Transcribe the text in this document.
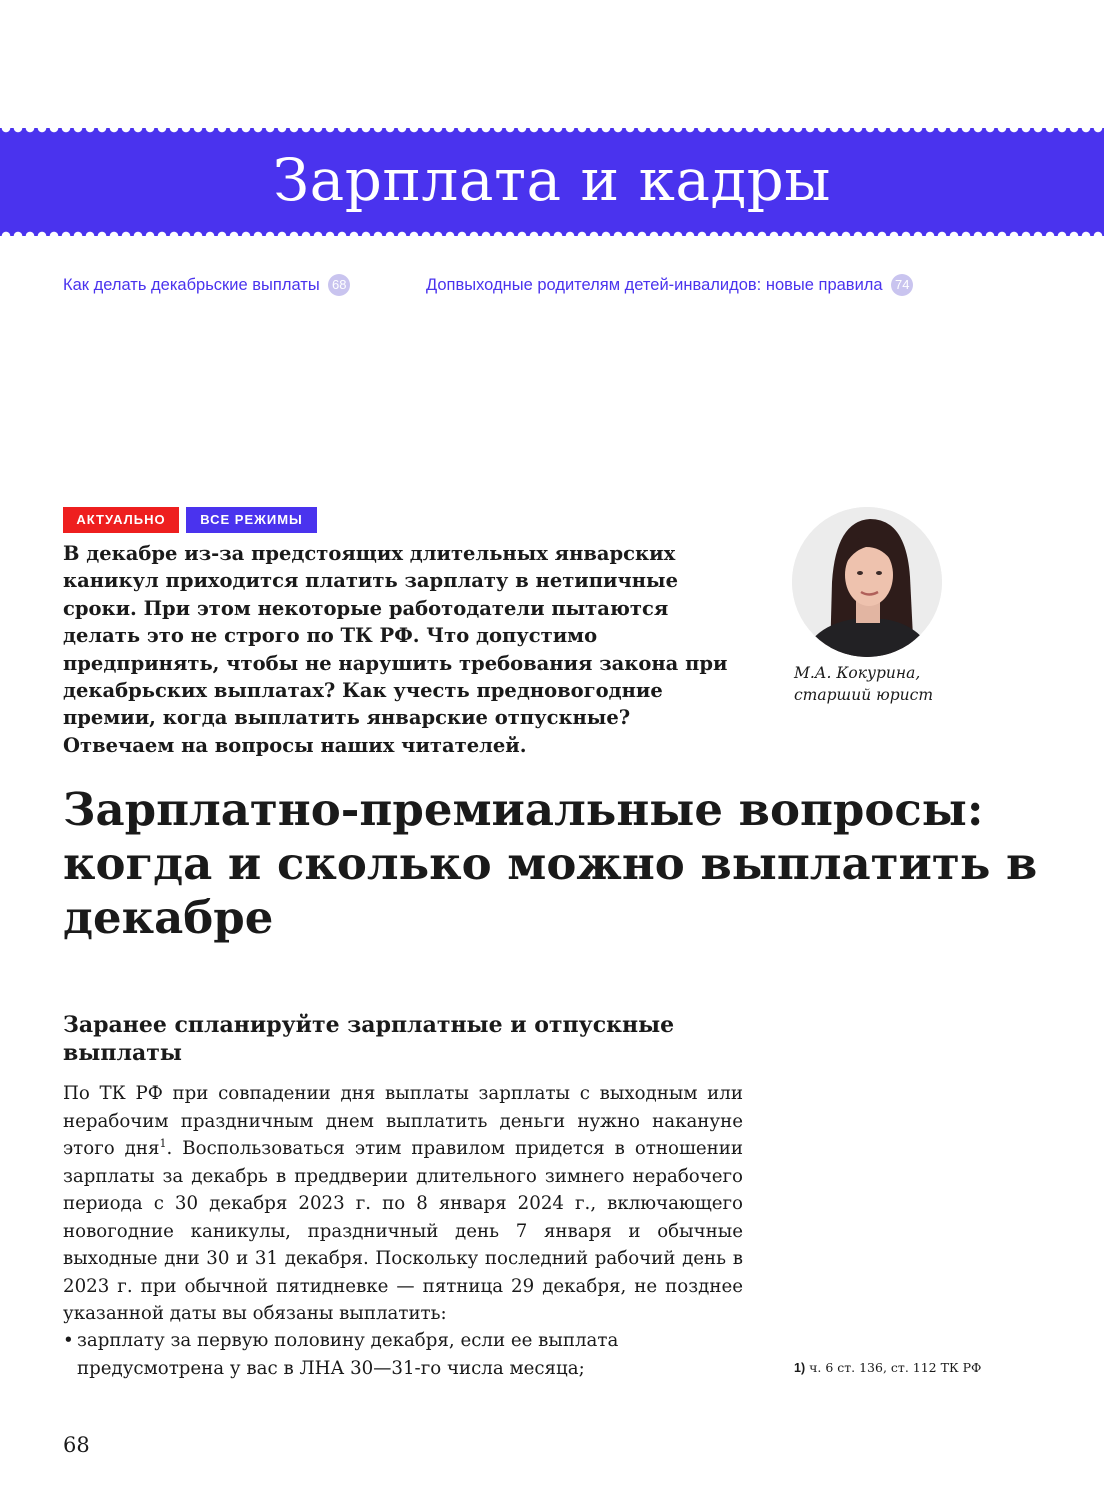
Зарплата и кадры
Как делать декабрьские выплаты 68	Допвыходные родителям детей-инвалидов: новые правила 74
АКТУАЛЬНО	ВСЕ РЕЖИМЫ

В декабре из-за предстоящих длительных январских каникул приходится платить зарплату в нетипичные сроки. При этом некоторые работодатели пытаются делать это не строго по ТК РФ. Что допустимо предпринять, чтобы не нарушить требования закона при декабрьских выплатах? Как учесть предновогодние премии, когда выплатить январские отпускные? Отвечаем на вопросы наших читателей.

М.А. Кокурина,
старший юрист
Зарплатно-премиальные вопросы: когда и сколько можно выплатить в декабре
Заранее спланируйте зарплатные и отпускные выплаты

По ТК РФ при совпадении дня выплаты зарплаты с выходным или нерабочим праздничным днем выплатить деньги нужно накануне этого дня$^1$. Воспользоваться этим правилом придется в отношении зарплаты за декабрь в преддверии длительного зимнего нерабочего периода с 30 декабря 2023 г. по 8 января 2024 г., включающего новогодние каникулы, праздничный день 7 января и обычные выходные дни 30 и 31 декабря. Поскольку последний рабочий день в 2023 г. при обычной пятидневке — пятница 29 декабря, не позднее указанной даты вы обязаны выплатить:

• зарплату за первую половину декабря, если ее выплата предусмотрена у вас в ЛНА 30—31-го числа месяца;	1) ч. 6 ст. 136, ст. 112 ТК РФ
68
